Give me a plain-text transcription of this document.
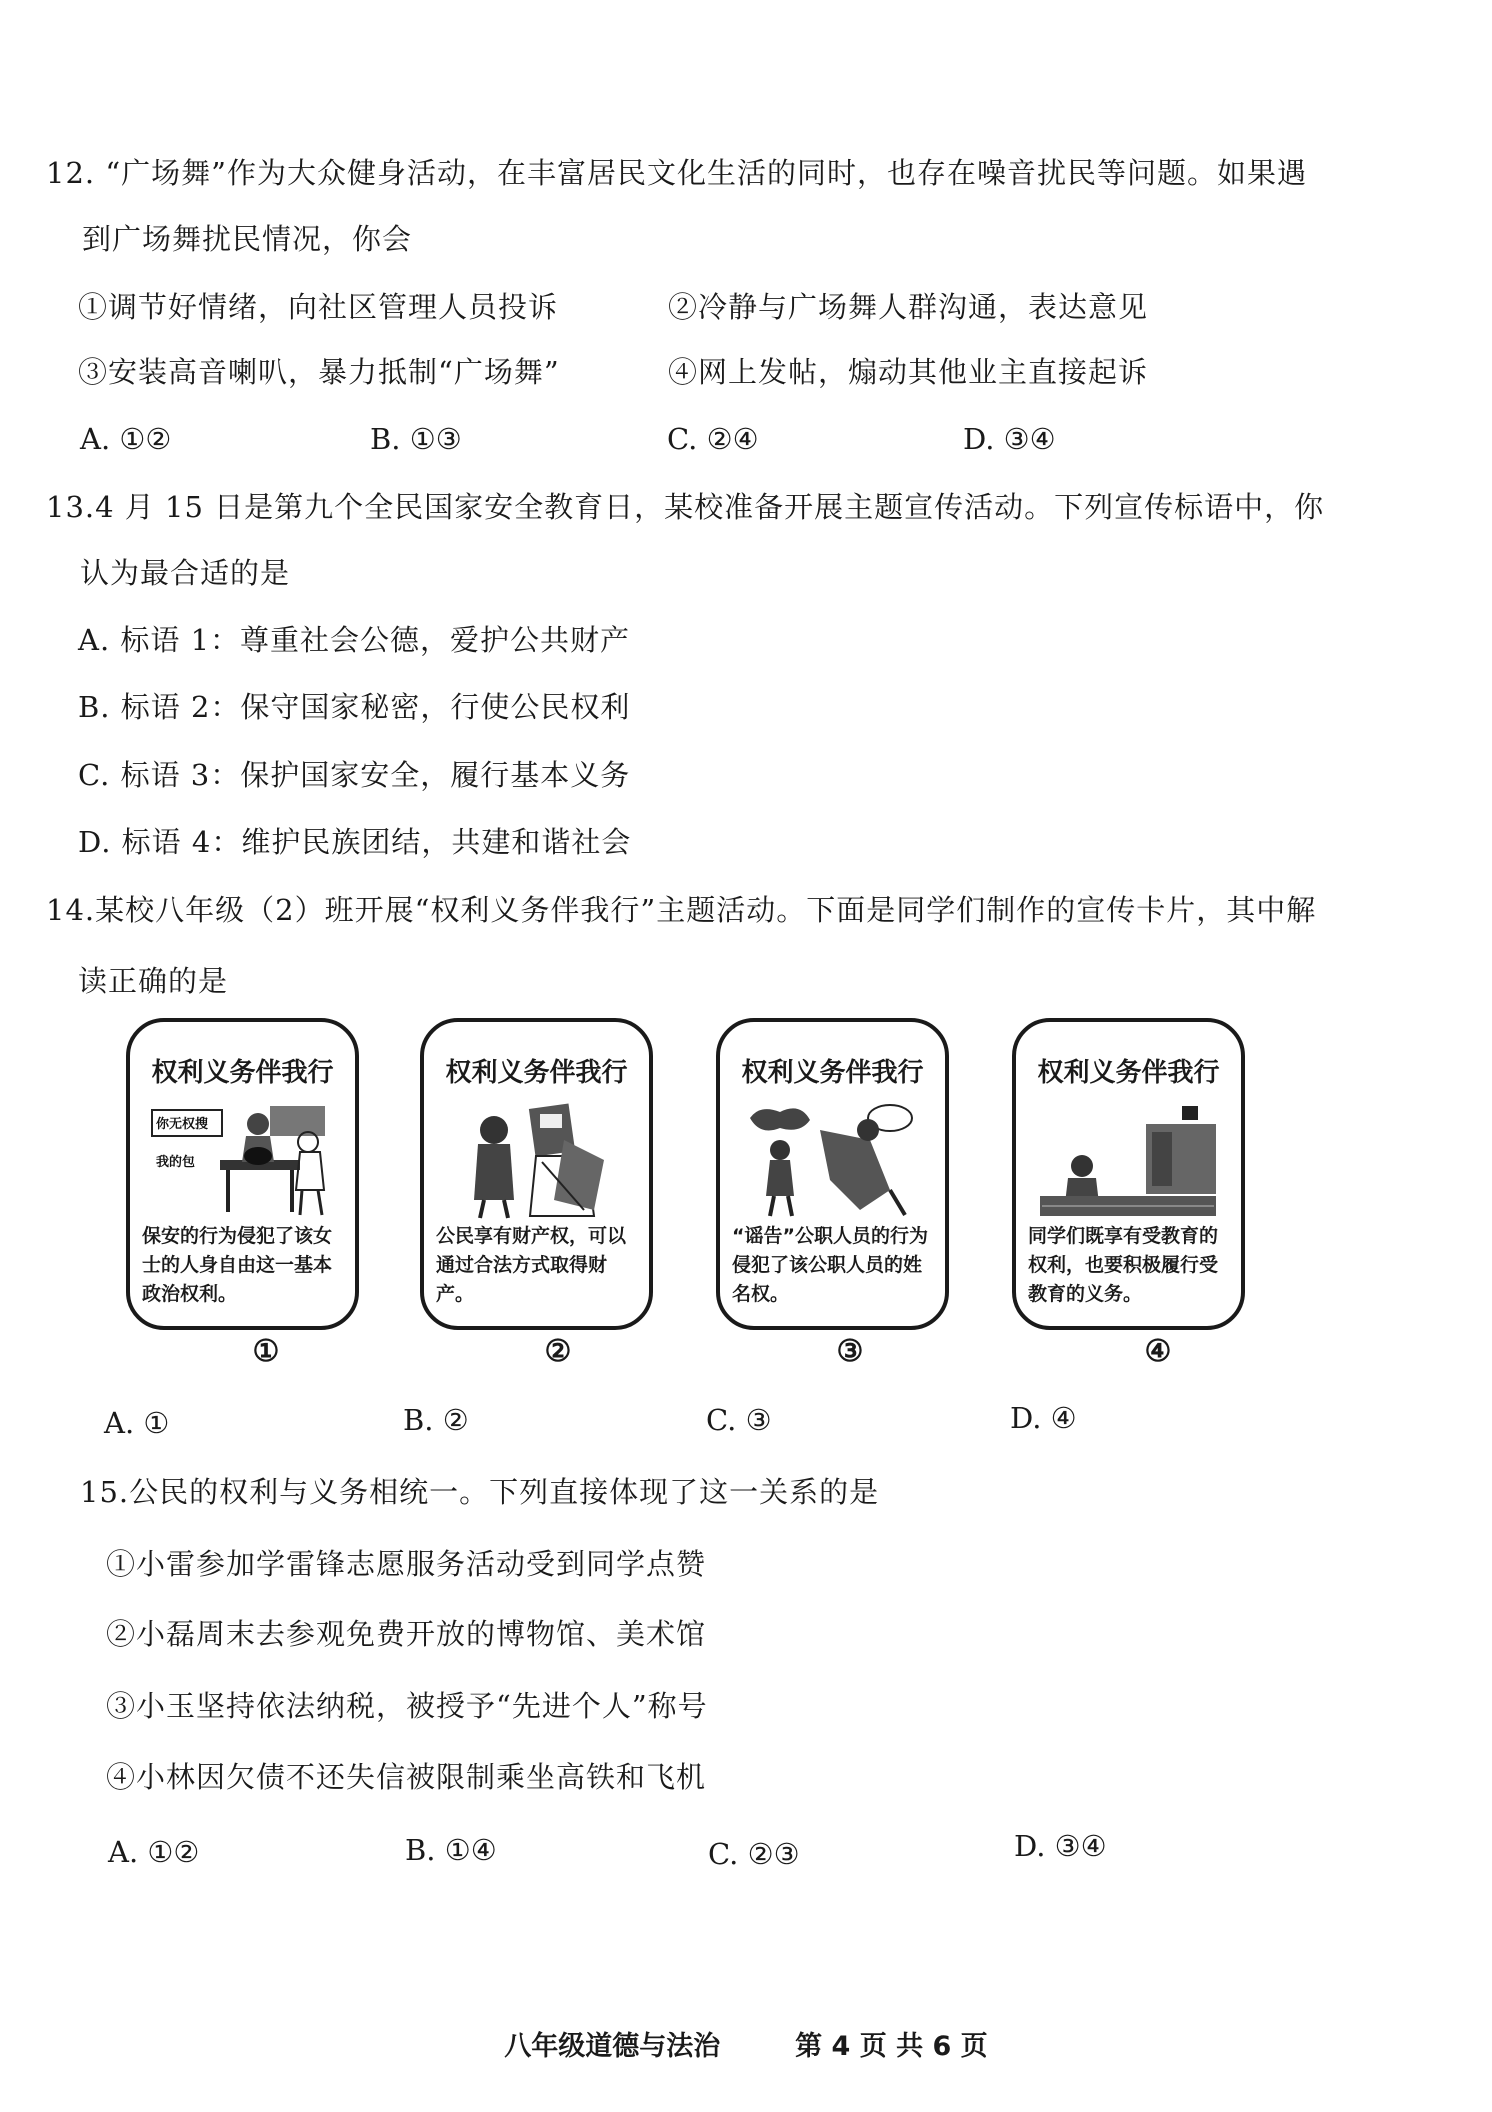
12. “广场舞”作为大众健身活动，在丰富居民文化生活的同时，也存在噪音扰民等问题。如果遇
到广场舞扰民情况，你会
①调节好情绪，向社区管理人员投诉	②冷静与广场舞人群沟通，表达意见
③安装高音喇叭，暴力抵制“广场舞”	④网上发帖，煽动其他业主直接起诉
A. ①②	B. ①③	C. ②④	D. ③④
13.4 月 15 日是第九个全民国家安全教育日，某校准备开展主题宣传活动。下列宣传标语中，你
认为最合适的是
A. 标语 1：尊重社会公德，爱护公共财产
B. 标语 2：保守国家秘密，行使公民权利
C. 标语 3：保护国家安全，履行基本义务
D. 标语 4：维护民族团结，共建和谐社会
14.某校八年级（2）班开展“权利义务伴我行”主题活动。下面是同学们制作的宣传卡片，其中解
读正确的是
权利义务伴我行
你无权搜
我的包
保安的行为侵犯了该女士的人身自由这一基本政治权利。
①
权利义务伴我行
公民享有财产权，可以通过合法方式取得财产。
②
权利义务伴我行
“谣告”公职人员的行为侵犯了该公职人员的姓名权。
③
权利义务伴我行
同学们既享有受教育的权利，也要积极履行受教育的义务。
④
A. ①	B. ②	C. ③	D. ④
15.公民的权利与义务相统一。下列直接体现了这一关系的是
①小雷参加学雷锋志愿服务活动受到同学点赞
②小磊周末去参观免费开放的博物馆、美术馆
③小玉坚持依法纳税，被授予“先进个人”称号
④小林因欠债不还失信被限制乘坐高铁和飞机
A. ①②	B. ①④	C. ②③	D. ③④
八年级道德与法治	第 4 页 共 6 页
